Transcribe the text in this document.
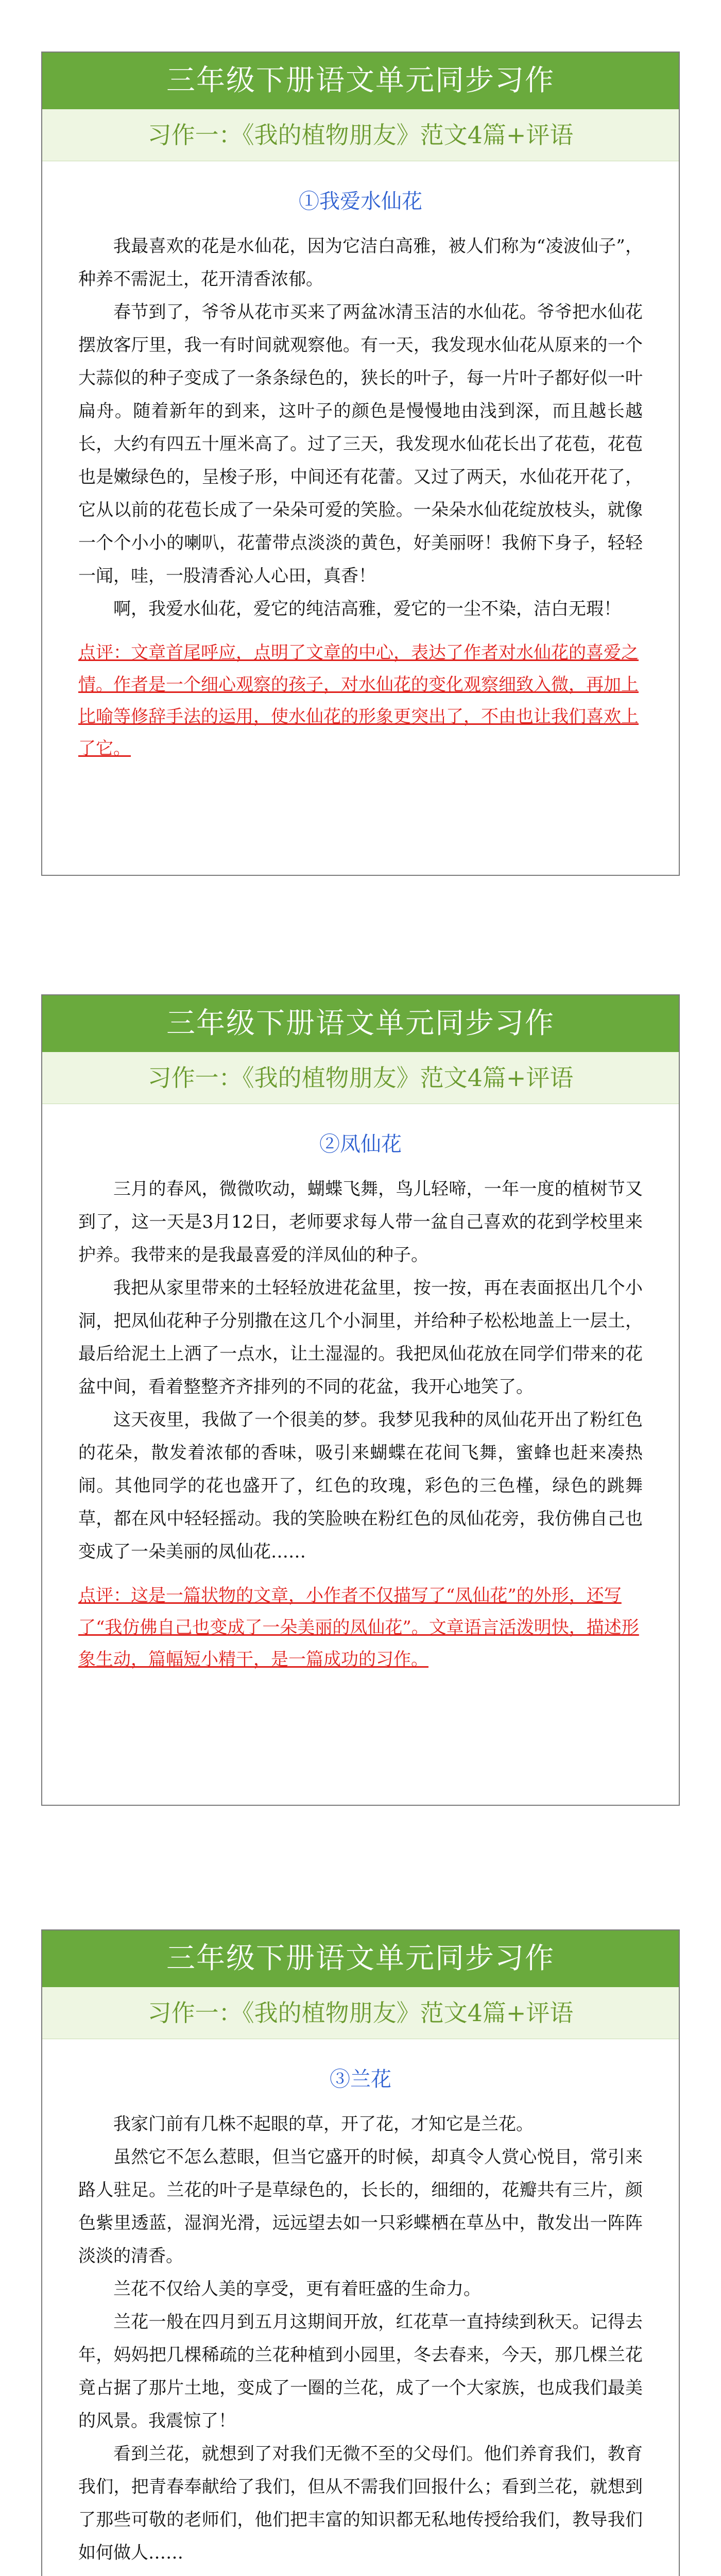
三年级下册语文单元同步习作
习作一：《我的植物朋友》范文4篇+评语
①我爱水仙花

我最喜欢的花是水仙花，因为它洁白高雅，被人们称为“凌波仙子”，种养不需泥土，花开清香浓郁。

春节到了，爷爷从花市买来了两盆冰清玉洁的水仙花。爷爷把水仙花摆放客厅里，我一有时间就观察他。有一天，我发现水仙花从原来的一个大蒜似的种子变成了一条条绿色的，狭长的叶子，每一片叶子都好似一叶扁舟。随着新年的到来，这叶子的颜色是慢慢地由浅到深，而且越长越长，大约有四五十厘米高了。过了三天，我发现水仙花长出了花苞，花苞也是嫩绿色的，呈梭子形，中间还有花蕾。又过了两天，水仙花开花了，它从以前的花苞长成了一朵朵可爱的笑脸。一朵朵水仙花绽放枝头，就像一个个小小的喇叭，花蕾带点淡淡的黄色，好美丽呀！我俯下身子，轻轻一闻，哇，一股清香沁人心田，真香！

啊，我爱水仙花，爱它的纯洁高雅，爱它的一尘不染，洁白无瑕！

点评：文章首尾呼应，点明了文章的中心，表达了作者对水仙花的喜爱之情。作者是一个细心观察的孩子，对水仙花的变化观察细致入微，再加上比喻等修辞手法的运用，使水仙花的形象更突出了，不由也让我们喜欢上了它。
三年级下册语文单元同步习作
习作一：《我的植物朋友》范文4篇+评语
②凤仙花

三月的春风，微微吹动，蝴蝶飞舞，鸟儿轻啼，一年一度的植树节又到了，这一天是3月12日，老师要求每人带一盆自己喜欢的花到学校里来护养。我带来的是我最喜爱的洋凤仙的种子。

我把从家里带来的土轻轻放进花盆里，按一按，再在表面抠出几个小洞，把凤仙花种子分别撒在这几个小洞里，并给种子松松地盖上一层土，最后给泥土上洒了一点水，让土湿湿的。我把凤仙花放在同学们带来的花盆中间，看着整整齐齐排列的不同的花盆，我开心地笑了。

这天夜里，我做了一个很美的梦。我梦见我种的凤仙花开出了粉红色的花朵，散发着浓郁的香味，吸引来蝴蝶在花间飞舞，蜜蜂也赶来凑热闹。其他同学的花也盛开了，红色的玫瑰，彩色的三色槿，绿色的跳舞草，都在风中轻轻摇动。我的笑脸映在粉红色的凤仙花旁，我仿佛自己也变成了一朵美丽的凤仙花……

点评：这是一篇状物的文章，小作者不仅描写了“凤仙花”的外形，还写了“我仿佛自己也变成了一朵美丽的凤仙花”。文章语言活泼明快，描述形象生动，篇幅短小精干，是一篇成功的习作。
三年级下册语文单元同步习作
习作一：《我的植物朋友》范文4篇+评语
③兰花

我家门前有几株不起眼的草，开了花，才知它是兰花。

虽然它不怎么惹眼，但当它盛开的时候，却真令人赏心悦目，常引来路人驻足。兰花的叶子是草绿色的，长长的，细细的，花瓣共有三片，颜色紫里透蓝，湿润光滑，远远望去如一只彩蝶栖在草丛中，散发出一阵阵淡淡的清香。

兰花不仅给人美的享受，更有着旺盛的生命力。

兰花一般在四月到五月这期间开放，红花草一直持续到秋天。记得去年，妈妈把几棵稀疏的兰花种植到小园里，冬去春来，今天，那几棵兰花竟占据了那片土地，变成了一圈的兰花，成了一个大家族，也成我们最美的风景。我震惊了！

看到兰花，就想到了对我们无微不至的父母们。他们养育我们，教育我们，把青春奉献给了我们，但从不需我们回报什么；看到兰花，就想到了那些可敬的老师们，他们把丰富的知识都无私地传授给我们，教导我们如何做人……
